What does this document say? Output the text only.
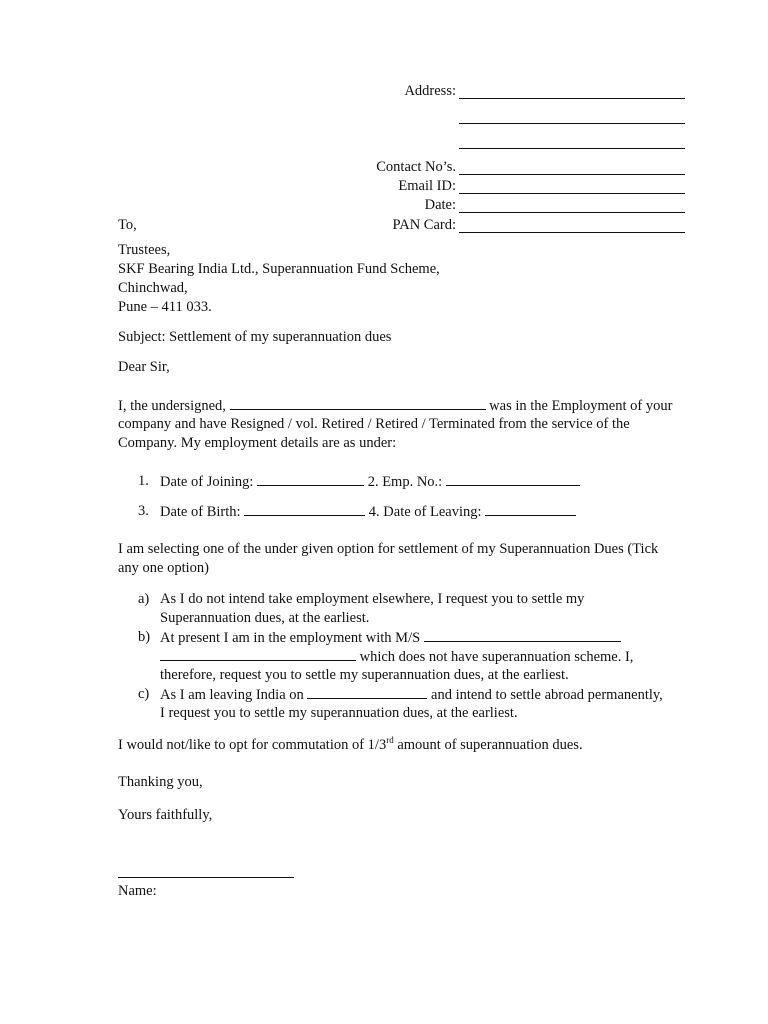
Address:
Contact No’s.
Email ID:
Date:
To,	PAN Card:
Trustees,
SKF Bearing India Ltd., Superannuation Fund Scheme,
Chinchwad,
Pune – 411 033.
Subject: Settlement of my superannuation dues
Dear Sir,
I, the undersigned,	was in the Employment of your
company and have Resigned / vol. Retired / Retired / Terminated from the service of the
Company. My employment details are as under:
1. Date of Joining:	2. Emp. No.:
3. Date of Birth:	4. Date of Leaving:
I am selecting one of the under given option for settlement of my Superannuation Dues (Tick
any one option)
a) As I do not intend take employment elsewhere, I request you to settle my
Superannuation dues, at the earliest.
b) At present I am in the employment with M/S
which does not have superannuation scheme. I,
therefore, request you to settle my superannuation dues, at the earliest.
c) As I am leaving India on	and intend to settle abroad permanently,
I request you to settle my superannuation dues, at the earliest.
I would not/like to opt for commutation of 1/3rd amount of superannuation dues.
Thanking you,
Yours faithfully,
Name:
